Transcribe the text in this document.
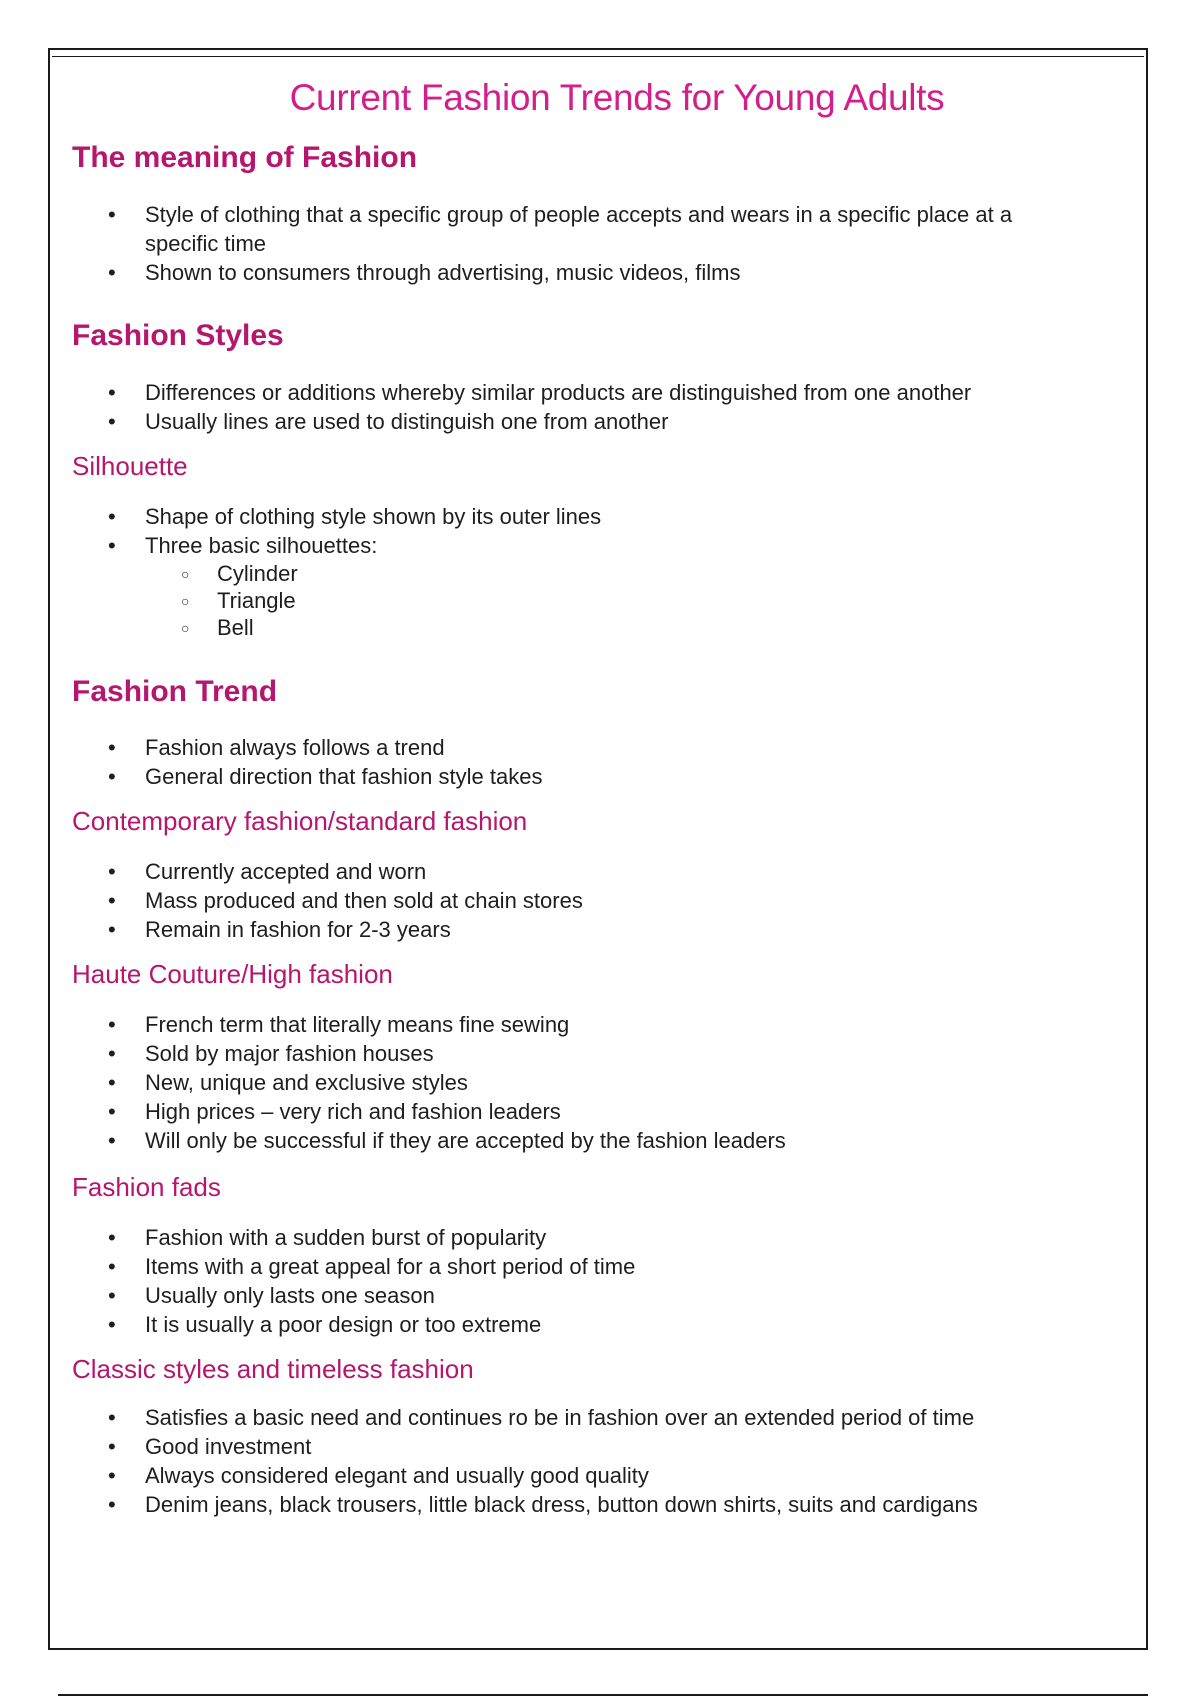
Current Fashion Trends for Young Adults
The meaning of Fashion
• Style of clothing that a specific group of people accepts and wears in a specific place at a specific time
• Shown to consumers through advertising, music videos, films
Fashion Styles
• Differences or additions whereby similar products are distinguished from one another
• Usually lines are used to distinguish one from another
Silhouette
• Shape of clothing style shown by its outer lines
• Three basic silhouettes:
○ Cylinder
○ Triangle
○ Bell
Fashion Trend
• Fashion always follows a trend
• General direction that fashion style takes
Contemporary fashion/standard fashion
• Currently accepted and worn
• Mass produced and then sold at chain stores
• Remain in fashion for 2-3 years
Haute Couture/High fashion
• French term that literally means fine sewing
• Sold by major fashion houses
• New, unique and exclusive styles
• High prices – very rich and fashion leaders
• Will only be successful if they are accepted by the fashion leaders
Fashion fads
• Fashion with a sudden burst of popularity
• Items with a great appeal for a short period of time
• Usually only lasts one season
• It is usually a poor design or too extreme
Classic styles and timeless fashion
• Satisfies a basic need and continues ro be in fashion over an extended period of time
• Good investment
• Always considered elegant and usually good quality
• Denim jeans, black trousers, little black dress, button down shirts, suits and cardigans
